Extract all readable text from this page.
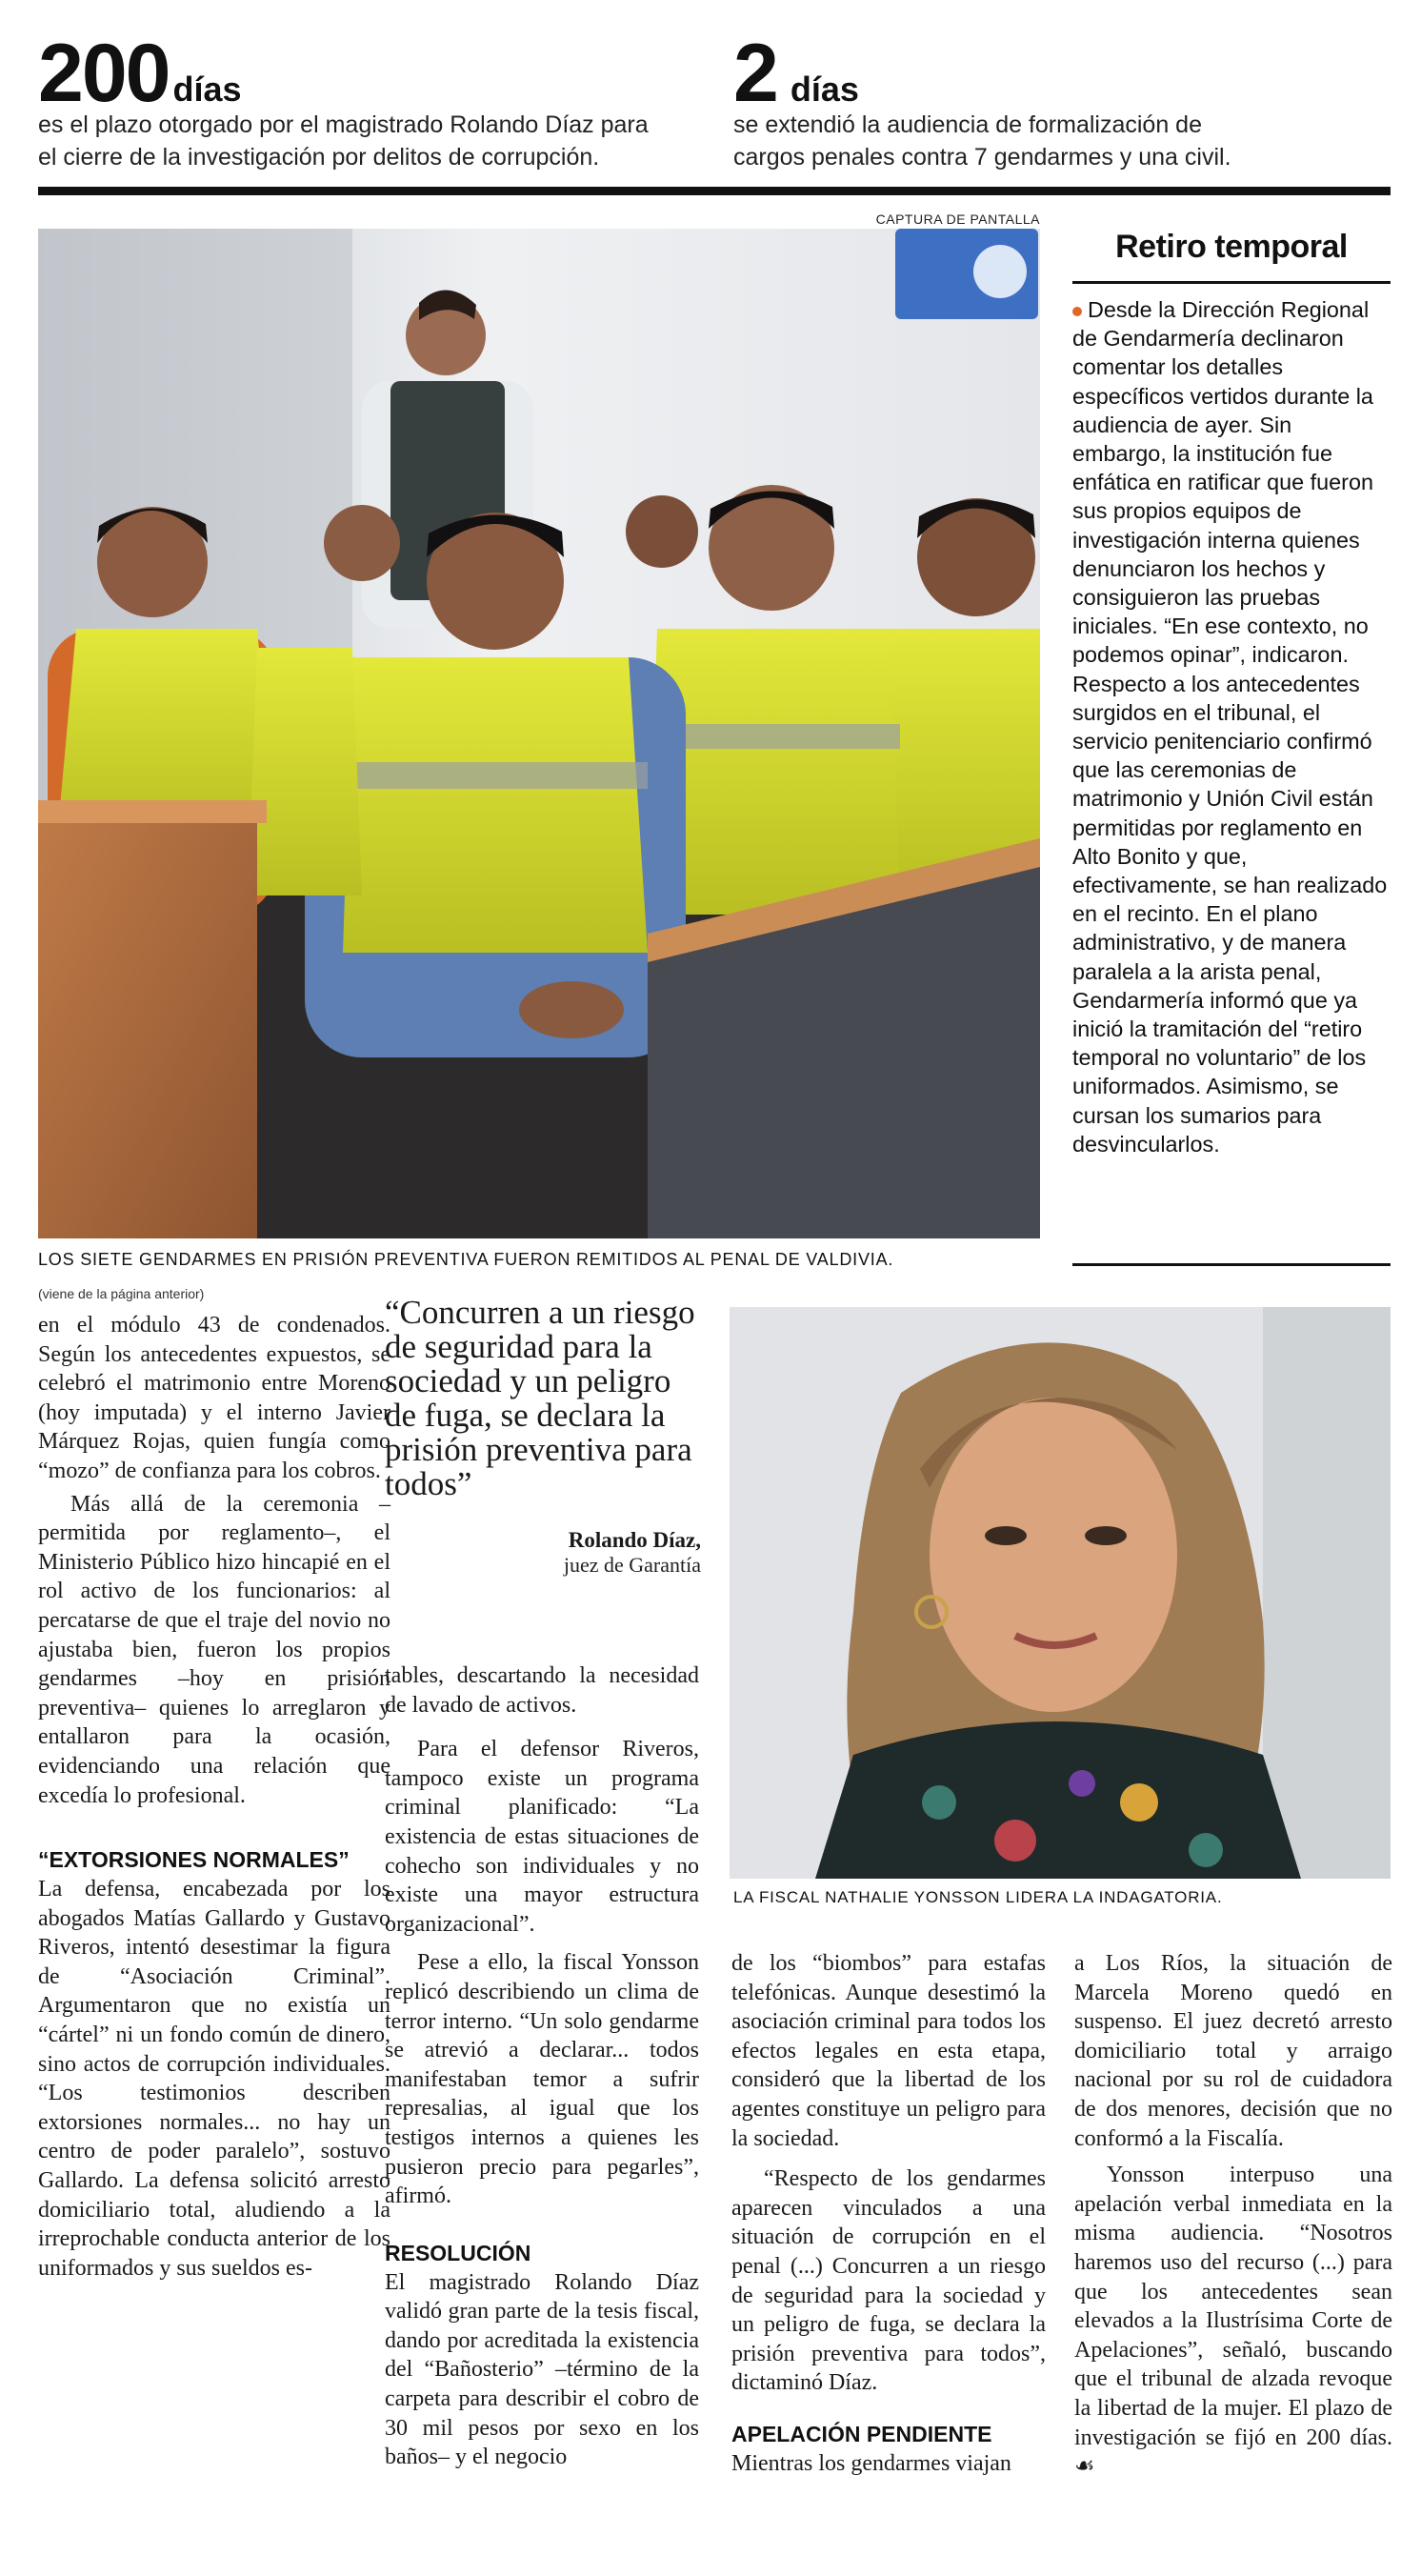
200 días
es el plazo otorgado por el magistrado Rolando Díaz para
el cierre de la investigación por delitos de corrupción.
2 días
se extendió la audiencia de formalización de
cargos penales contra 7 gendarmes y una civil.
CAPTURA DE PANTALLA
LOS SIETE GENDARMES EN PRISIÓN PREVENTIVA FUERON REMITIDOS AL PENAL DE VALDIVIA.
Retiro temporal
Desde la Dirección Regional de Gendarmería declinaron comentar los detalles específicos vertidos durante la audiencia de ayer. Sin embargo, la institución fue enfática en ratificar que fueron sus propios equipos de investigación interna quienes denunciaron los hechos y consiguieron las pruebas iniciales. “En ese contexto, no podemos opinar”, indicaron. Respecto a los antecedentes surgidos en el tribunal, el servicio penitenciario confirmó que las ceremonias de matrimonio y Unión Civil están permitidas por reglamento en Alto Bonito y que, efectivamente, se han realizado en el recinto. En el plano administrativo, y de manera paralela a la arista penal, Gendarmería informó que ya inició la tramitación del “retiro temporal no voluntario” de los uniformados. Asimismo, se cursan los sumarios para desvincularlos.
(viene de la página anterior)

en el módulo 43 de condenados. Según los antecedentes expuestos, se celebró el matrimonio entre Moreno (hoy imputada) y el interno Javier Márquez Rojas, quien fungía como “mozo” de confianza para los cobros.

Más allá de la ceremonia –permitida por reglamento–, el Ministerio Público hizo hincapié en el rol activo de los funcionarios: al percatarse de que el traje del novio no ajustaba bien, fueron los propios gendarmes –hoy en prisión preventiva– quienes lo arreglaron y entallaron para la ocasión, evidenciando una relación que excedía lo profesional.

“EXTORSIONES NORMALES”

La defensa, encabezada por los abogados Matías Gallardo y Gustavo Riveros, intentó desestimar la figura de “Asociación Criminal”. Argumentaron que no existía un “cártel” ni un fondo común de dinero, sino actos de corrupción individuales. “Los testimonios describen extorsiones normales... no hay un centro de poder paralelo”, sostuvo Gallardo. La defensa solicitó arresto domiciliario total, aludiendo a la irreprochable conducta anterior de los uniformados y sus sueldos es-

“Concurren a un riesgo de seguridad para la sociedad y un peligro de fuga, se declara la prisión preventiva para todos”
Rolando Díaz,
juez de Garantía

tables, descartando la necesidad de lavado de activos.

Para el defensor Riveros, tampoco existe un programa criminal planificado: “La existencia de estas situaciones de cohecho son individuales y no existe una mayor estructura organizacional”.

Pese a ello, la fiscal Yonsson replicó describiendo un clima de terror interno. “Un solo gendarme se atrevió a declarar... todos manifestaban temor a sufrir represalias, al igual que los testigos internos a quienes les pusieron precio para pegarles”, afirmó.

RESOLUCIÓN

El magistrado Rolando Díaz validó gran parte de la tesis fiscal, dando por acreditada la existencia del “Bañosterio” –término de la carpeta para describir el cobro de 30 mil pesos por sexo en los baños– y el negocio

LA FISCAL NATHALIE YONSSON LIDERA LA INDAGATORIA.

de los “biombos” para estafas telefónicas. Aunque desestimó la asociación criminal para todos los efectos legales en esta etapa, consideró que la libertad de los agentes constituye un peligro para la sociedad.

“Respecto de los gendarmes aparecen vinculados a una situación de corrupción en el penal (...) Concurren a un riesgo de seguridad para la sociedad y un peligro de fuga, se declara la prisión preventiva para todos”, dictaminó Díaz.

APELACIÓN PENDIENTE

Mientras los gendarmes viajan

a Los Ríos, la situación de Marcela Moreno quedó en suspenso. El juez decretó arresto domiciliario total y arraigo nacional por su rol de cuidadora de dos menores, decisión que no conformó a la Fiscalía.

Yonsson interpuso una apelación verbal inmediata en la misma audiencia. “Nosotros haremos uso del recurso (...) para que los antecedentes sean elevados a la Ilustrísima Corte de Apelaciones”, señaló, buscando que el tribunal de alzada revoque la libertad de la mujer. El plazo de investigación se fijó en 200 días. ☙
